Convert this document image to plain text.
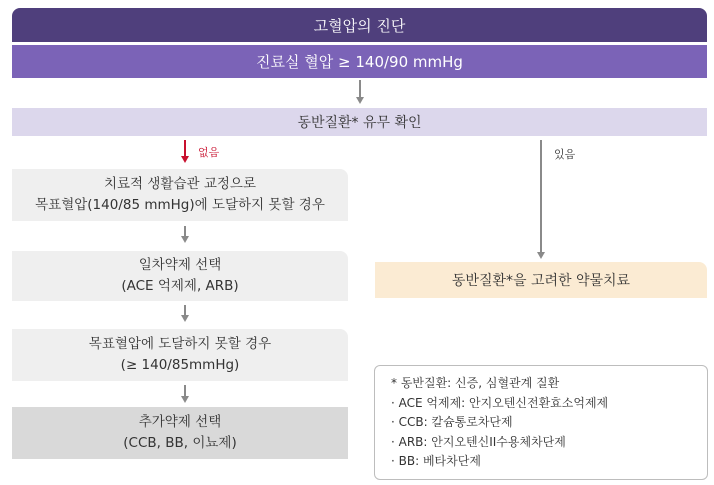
고혈압의 진단
진료실 혈압 ≥ 140/90 mmHg
동반질환* 유무 확인
없음	있음
치료적 생활습관 교정으로
목표혈압(140/85 mmHg)에 도달하지 못할 경우
일차약제 선택
(ACE 억제제, ARB)
목표혈압에 도달하지 못할 경우
(≥ 140/85mmHg)
추가약제 선택
(CCB, BB, 이뇨제)
동반질환*을 고려한 약물치료
* 동반질환: 신증, 심혈관계 질환
· ACE 억제제: 안지오텐신전환효소억제제
· CCB: 칼슘통로차단제
· ARB: 안지오텐신II수용체차단제
· BB: 베타차단제
